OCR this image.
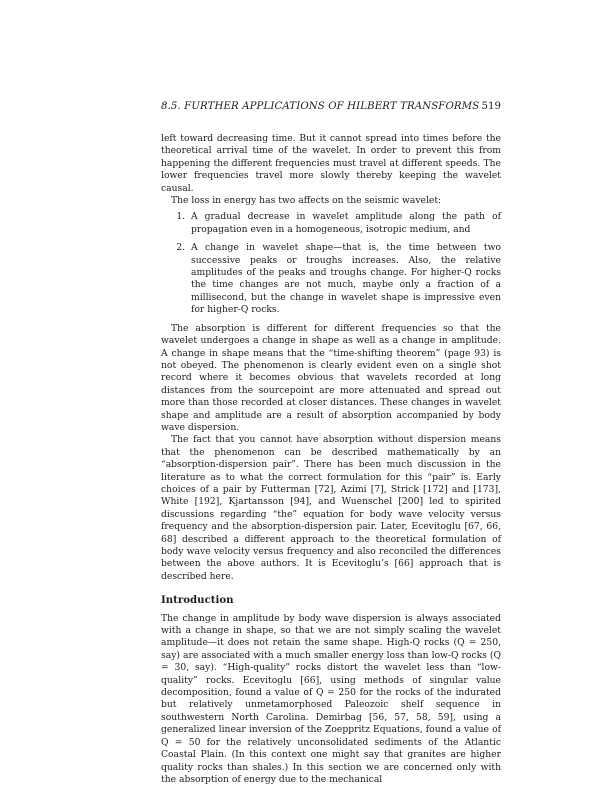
8.5. FURTHER APPLICATIONS OF HILBERT TRANSFORMS 519

left toward decreasing time. But it cannot spread into times before the theoretical arrival time of the wavelet. In order to prevent this from happening the different frequencies must travel at different speeds. The lower frequencies travel more slowly thereby keeping the wavelet causal.

The loss in energy has two affects on the seismic wavelet:

1. A gradual decrease in wavelet amplitude along the path of propagation even in a homogeneous, isotropic medium, and
2. A change in wavelet shape—that is, the time between two successive peaks or troughs increases. Also, the relative amplitudes of the peaks and troughs change. For higher-Q rocks the time changes are not much, maybe only a fraction of a millisecond, but the change in wavelet shape is impressive even for higher-Q rocks.

The absorption is different for different frequencies so that the wavelet undergoes a change in shape as well as a change in amplitude. A change in shape means that the “time-shifting theorem” (page 93) is not obeyed. The phenomenon is clearly evident even on a single shot record where it becomes obvious that wavelets recorded at long distances from the sourcepoint are more attenuated and spread out more than those recorded at closer distances. These changes in wavelet shape and amplitude are a result of absorption accompanied by body wave dispersion.

The fact that you cannot have absorption without dispersion means that the phenomenon can be described mathematically by an “absorption-dispersion pair”. There has been much discussion in the literature as to what the correct formulation for this “pair” is. Early choices of a pair by Futterman [72], Azimi [7], Strick [172] and [173], White [192], Kjartansson [94], and Wuenschel [200] led to spirited discussions regarding “the” equation for body wave velocity versus frequency and the absorption-dispersion pair. Later, Ecevitoglu [67, 66, 68] described a different approach to the theoretical formulation of body wave velocity versus frequency and also reconciled the differences between the above authors. It is Ecevitoglu’s [66] approach that is described here.

Introduction

The change in amplitude by body wave dispersion is always associated with a change in shape, so that we are not simply scaling the wavelet amplitude—it does not retain the same shape. High-Q rocks (Q = 250, say) are associated with a much smaller energy loss than low-Q rocks (Q = 30, say). “High-quality” rocks distort the wavelet less than “low-quality” rocks. Ecevitoglu [66], using methods of singular value decomposition, found a value of Q = 250 for the rocks of the indurated but relatively unmetamorphosed Paleozoic shelf sequence in southwestern North Carolina. Demirbag [56, 57, 58, 59], using a generalized linear inversion of the Zoeppritz Equations, found a value of Q = 50 for the relatively unconsolidated sediments of the Atlantic Coastal Plain. (In this context one might say that granites are higher quality rocks than shales.) In this section we are concerned only with the absorption of energy due to the mechanical
